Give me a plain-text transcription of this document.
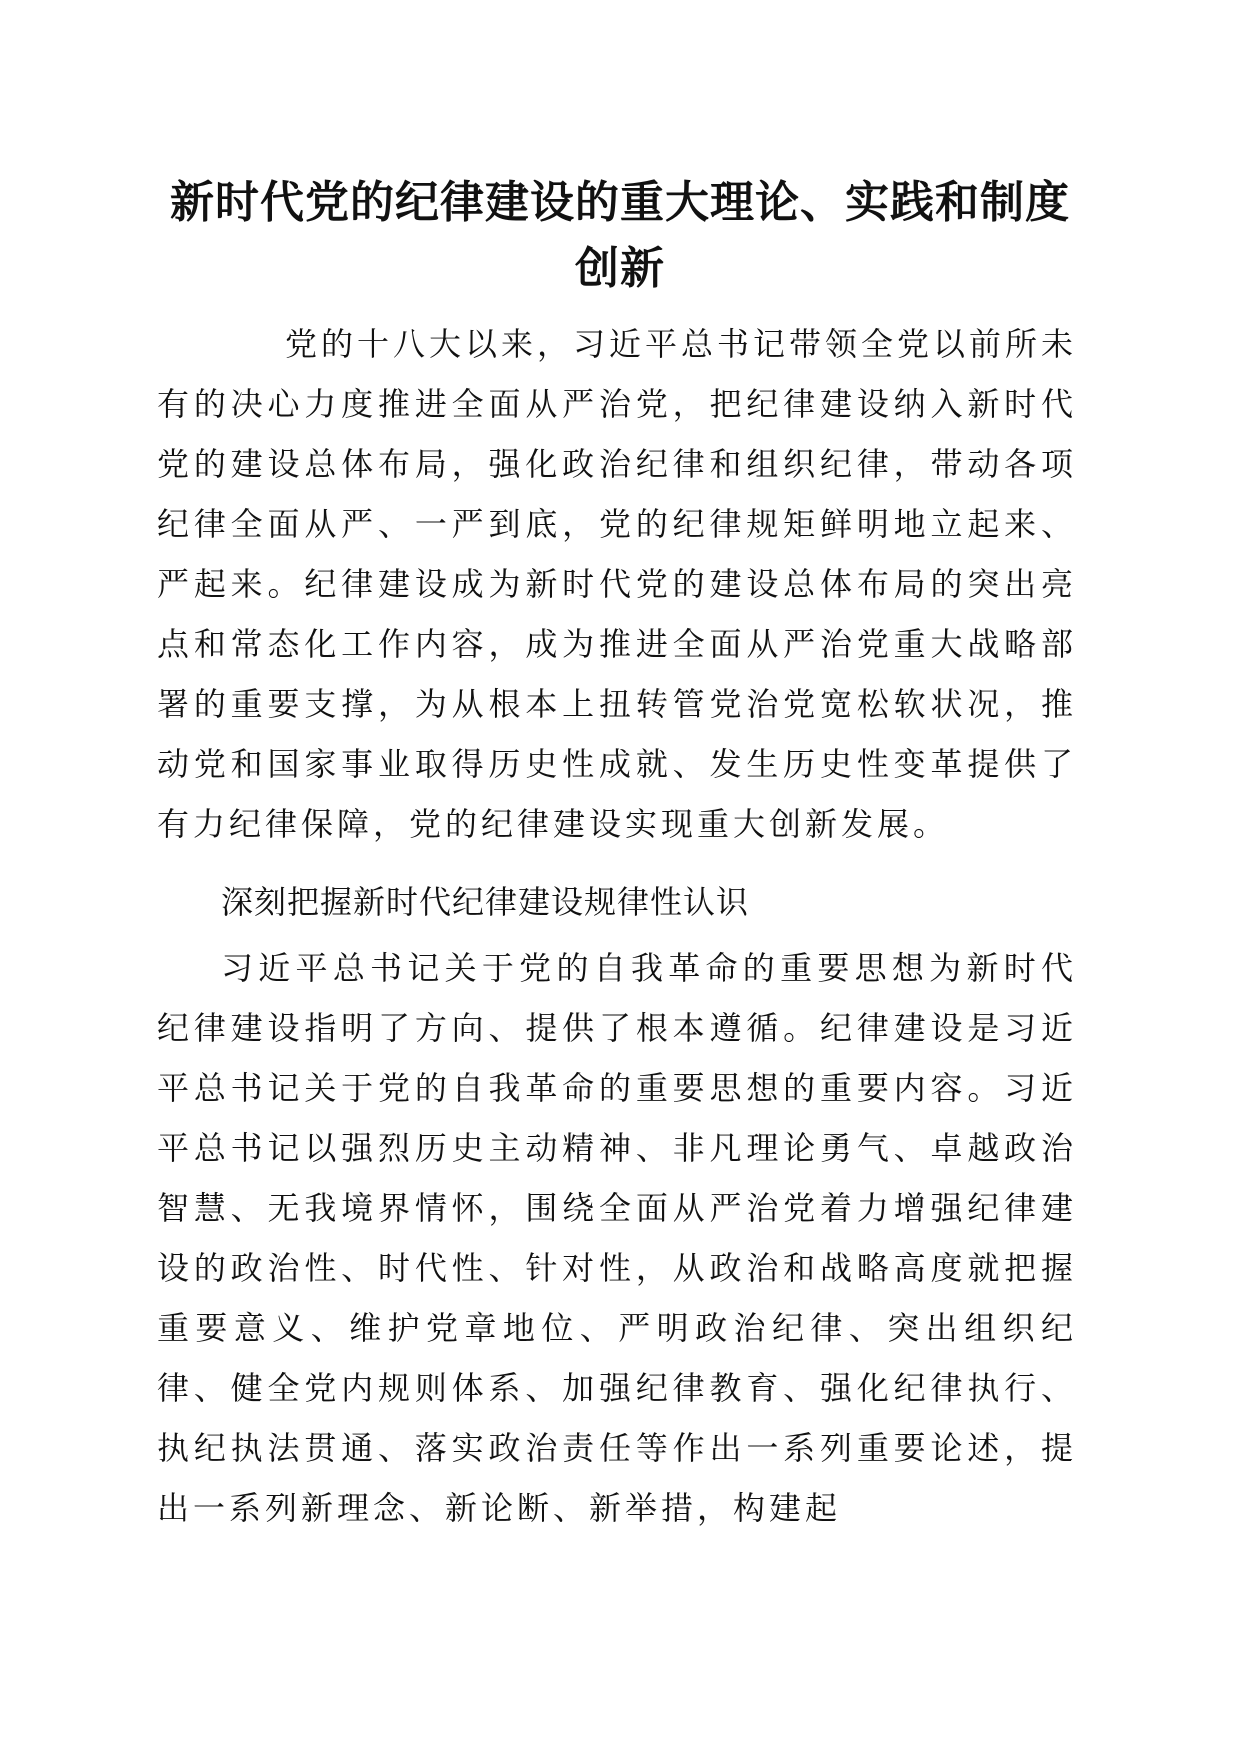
新时代党的纪律建设的重大理论、实践和制度创新

党的十八大以来，习近平总书记带领全党以前所未有的决心力度推进全面从严治党，把纪律建设纳入新时代党的建设总体布局，强化政治纪律和组织纪律，带动各项纪律全面从严、一严到底，党的纪律规矩鲜明地立起来、严起来。纪律建设成为新时代党的建设总体布局的突出亮点和常态化工作内容，成为推进全面从严治党重大战略部署的重要支撑，为从根本上扭转管党治党宽松软状况，推动党和国家事业取得历史性成就、发生历史性变革提供了有力纪律保障，党的纪律建设实现重大创新发展。

深刻把握新时代纪律建设规律性认识

习近平总书记关于党的自我革命的重要思想为新时代纪律建设指明了方向、提供了根本遵循。纪律建设是习近平总书记关于党的自我革命的重要思想的重要内容。习近平总书记以强烈历史主动精神、非凡理论勇气、卓越政治智慧、无我境界情怀，围绕全面从严治党着力增强纪律建设的政治性、时代性、针对性，从政治和战略高度就把握重要意义、维护党章地位、严明政治纪律、突出组织纪律、健全党内规则体系、加强纪律教育、强化纪律执行、执纪执法贯通、落实政治责任等作出一系列重要论述，提出一系列新理念、新论断、新举措，构建起
